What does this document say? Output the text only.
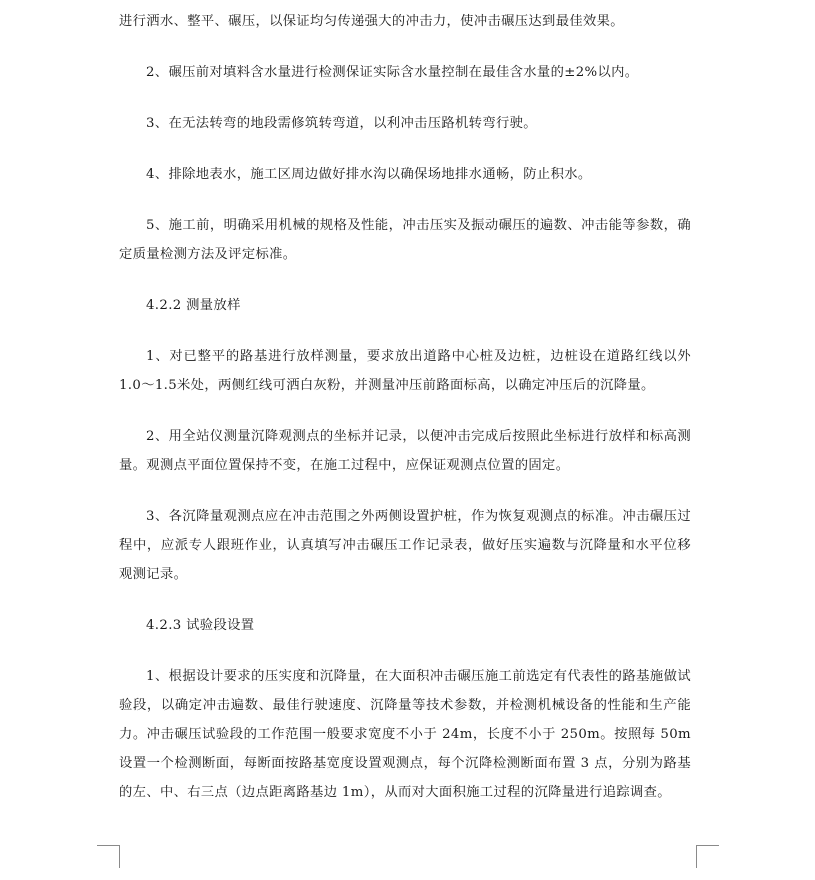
进行洒水、整平、碾压，以保证均匀传递强大的冲击力，使冲击碾压达到最佳效果。

2、碾压前对填料含水量进行检测保证实际含水量控制在最佳含水量的±2%以内。

3、在无法转弯的地段需修筑转弯道，以利冲击压路机转弯行驶。

4、排除地表水，施工区周边做好排水沟以确保场地排水通畅，防止积水。

5、施工前，明确采用机械的规格及性能，冲击压实及振动碾压的遍数、冲击能等参数，确定质量检测方法及评定标准。

4.2.2 测量放样

1、对已整平的路基进行放样测量，要求放出道路中心桩及边桩，边桩设在道路红线以外1.0～1.5米处，两侧红线可洒白灰粉，并测量冲压前路面标高，以确定冲压后的沉降量。

2、用全站仪测量沉降观测点的坐标并记录，以便冲击完成后按照此坐标进行放样和标高测量。观测点平面位置保持不变，在施工过程中，应保证观测点位置的固定。

3、各沉降量观测点应在冲击范围之外两侧设置护桩，作为恢复观测点的标准。冲击碾压过程中，应派专人跟班作业，认真填写冲击碾压工作记录表，做好压实遍数与沉降量和水平位移观测记录。

4.2.3 试验段设置

1、根据设计要求的压实度和沉降量，在大面积冲击碾压施工前选定有代表性的路基施做试验段，以确定冲击遍数、最佳行驶速度、沉降量等技术参数，并检测机械设备的性能和生产能力。冲击碾压试验段的工作范围一般要求宽度不小于 24m，长度不小于 250m。按照每 50m设置一个检测断面，每断面按路基宽度设置观测点，每个沉降检测断面布置 3 点，分别为路基的左、中、右三点（边点距离路基边 1m），从而对大面积施工过程的沉降量进行追踪调查。
